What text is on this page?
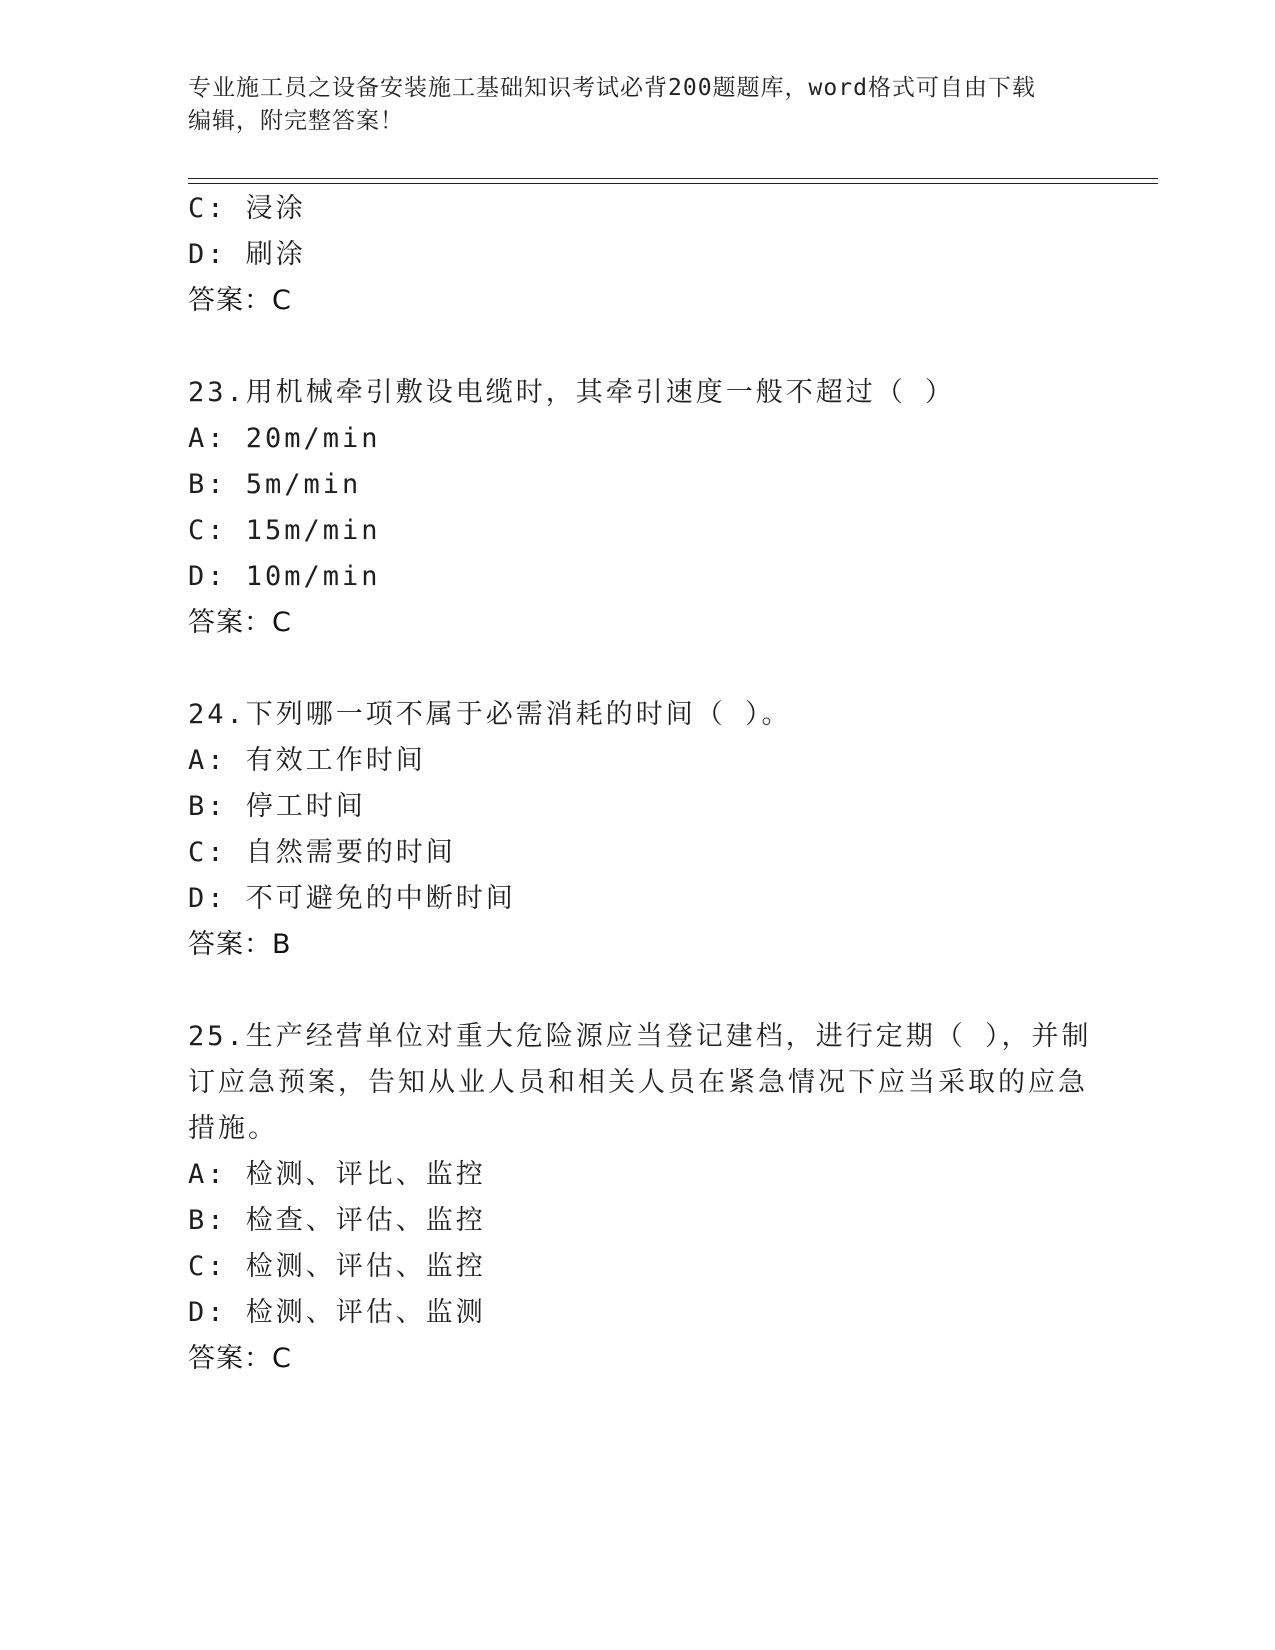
专业施工员之设备安装施工基础知识考试必背200题题库，word格式可自由下载
编辑，附完整答案！
C: 浸涂
D: 刷涂
答案：C
23.用机械牵引敷设电缆时，其牵引速度一般不超过（ ）
A: 20m/min
B: 5m/min
C: 15m/min
D: 10m/min
答案：C
24.下列哪一项不属于必需消耗的时间（ ）。
A: 有效工作时间
B: 停工时间
C: 自然需要的时间
D: 不可避免的中断时间
答案：B
25.生产经营单位对重大危险源应当登记建档，进行定期（ ），并制
订应急预案，告知从业人员和相关人员在紧急情况下应当采取的应急
措施。
A: 检测、评比、监控
B: 检查、评估、监控
C: 检测、评估、监控
D: 检测、评估、监测
答案：C
